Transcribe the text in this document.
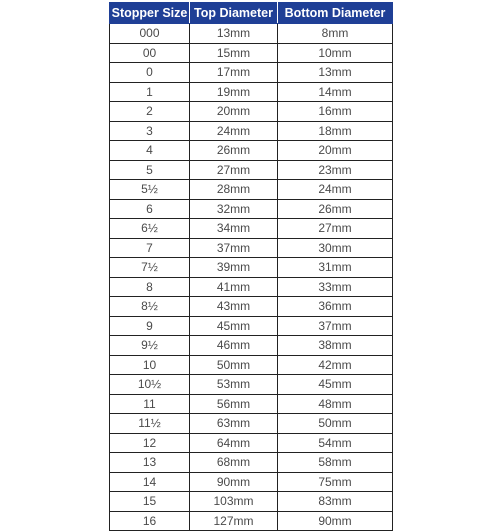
Stopper Size	Top Diameter	Bottom Diameter
000	13mm	8mm
00	15mm	10mm
0	17mm	13mm
1	19mm	14mm
2	20mm	16mm
3	24mm	18mm
4	26mm	20mm
5	27mm	23mm
5½	28mm	24mm
6	32mm	26mm
6½	34mm	27mm
7	37mm	30mm
7½	39mm	31mm
8	41mm	33mm
8½	43mm	36mm
9	45mm	37mm
9½	46mm	38mm
10	50mm	42mm
10½	53mm	45mm
11	56mm	48mm
11½	63mm	50mm
12	64mm	54mm
13	68mm	58mm
14	90mm	75mm
15	103mm	83mm
16	127mm	90mm
